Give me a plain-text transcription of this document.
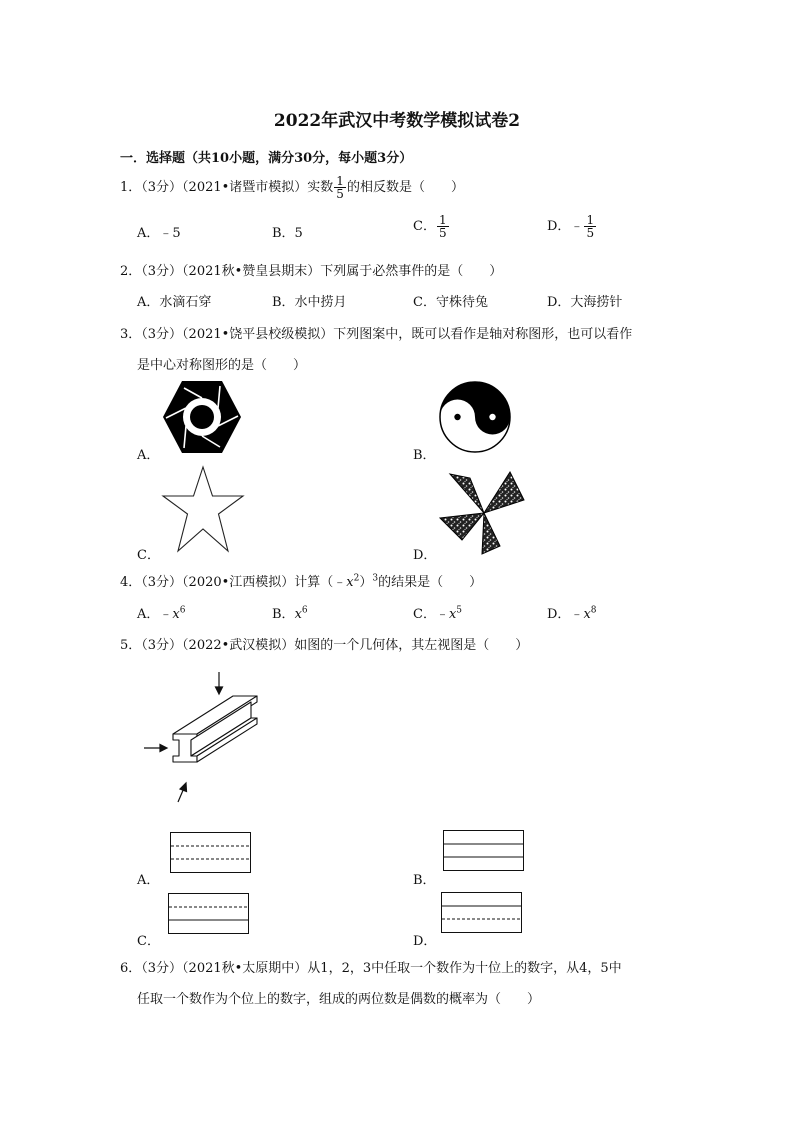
2022年武汉中考数学模拟试卷2
一．选择题（共10小题，满分30分，每小题3分）
1．（3分）（2021•诸暨市模拟）实数 $\frac{1}{5}$ 的相反数是（　　）
A．﹣5	B．5	C． $\frac{1}{5}$	D．﹣ $\frac{1}{5}$
2．（3分）（2021秋•赞皇县期末）下列属于必然事件的是（　　）
A．水滴石穿	B．水中捞月	C．守株待兔	D．大海捞针
3．（3分）（2021•饶平县校级模拟）下列图案中，既可以看作是轴对称图形，也可以看作
是中心对称图形的是（　　）
A．	B．
C．	D．
4．（3分）（2020•江西模拟）计算$(﹣x^2)^3$的结果是（　　）
A．$﹣x^6$	B．$x^6$	C．$﹣x^5$	D．$﹣x^8$
5．（3分）（2022•武汉模拟）如图的一个几何体，其左视图是（　　）
A．	B．
C．	D．
6．（3分）（2021秋•太原期中）从1，2，3中任取一个数作为十位上的数字，从4，5中
任取一个数作为个位上的数字，组成的两位数是偶数的概率为（　　）
